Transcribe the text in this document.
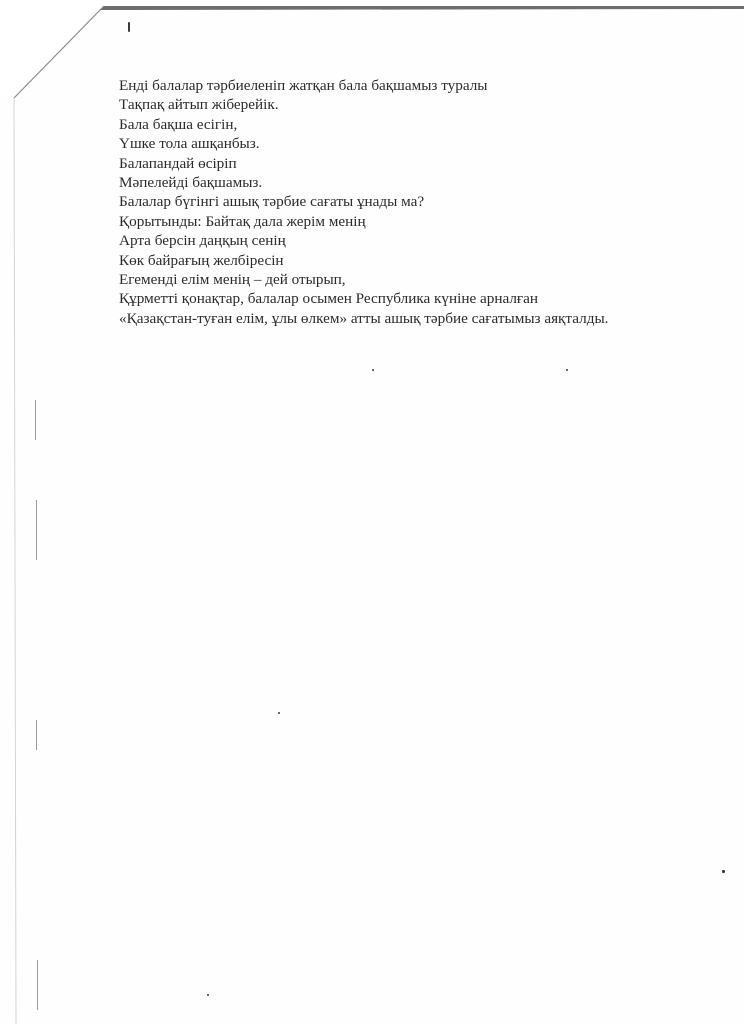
Енді балалар тәрбиеленіп жатқан бала бақшамыз туралы
Тақпақ айтып жіберейік.
Бала бақша есігін,
Үшке тола ашқанбыз.
Балапандай өсіріп
Мәпелейді бақшамыз.
Балалар бүгінгі ашық тәрбие сағаты ұнады ма?
Қорытынды: Байтақ дала жерім менің
Арта берсін даңқың сенің
Көк байрағың желбіресін
Егеменді елім менің – дей отырып,
Құрметті қонақтар, балалар осымен Республика күніне арналған
«Қазақстан-туған елім, ұлы өлкем» атты ашық тәрбие сағатымыз аяқталды.
